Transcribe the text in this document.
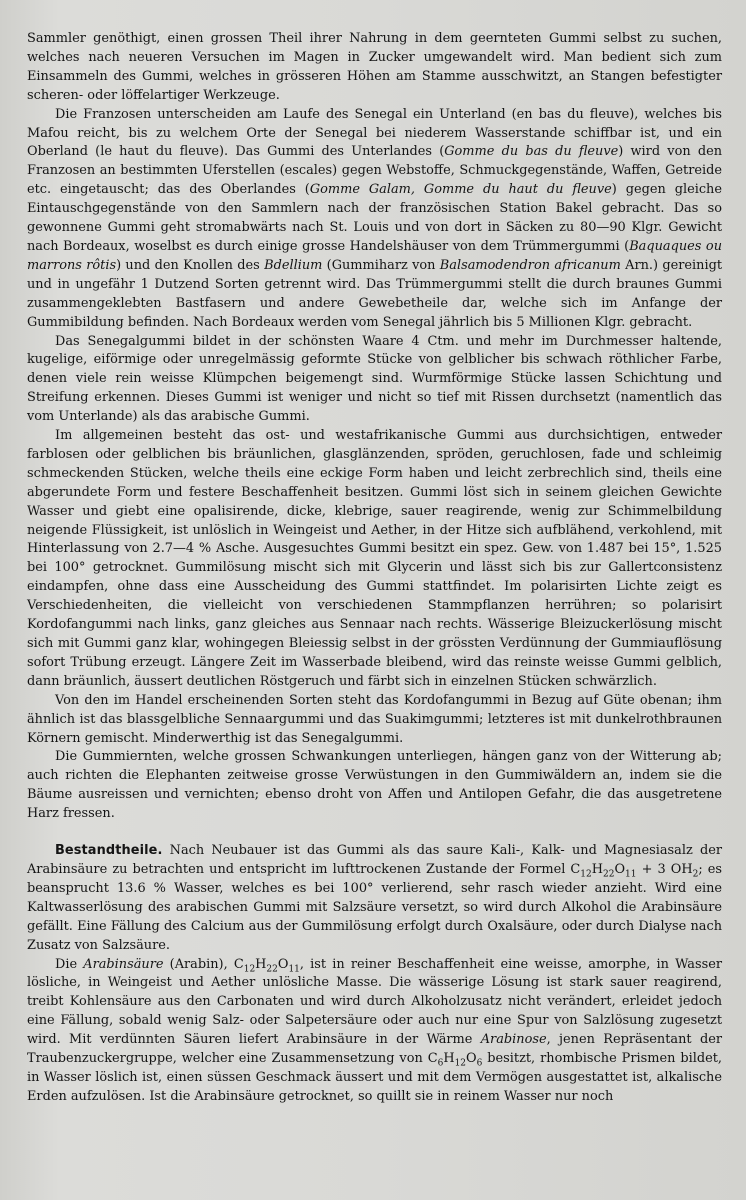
Sammler genöthigt, einen grossen Theil ihrer Nahrung in dem geernteten Gummi selbst zu suchen, welches nach neueren Versuchen im Magen in Zucker umgewandelt wird. Man bedient sich zum Einsammeln des Gummi, welches in grösseren Höhen am Stamme ausschwitzt, an Stangen befestigter scheren- oder löffelartiger Werkzeuge.

Die Franzosen unterscheiden am Laufe des Senegal ein Unterland (en bas du fleuve), welches bis Mafou reicht, bis zu welchem Orte der Senegal bei niederem Wasserstande schiffbar ist, und ein Oberland (le haut du fleuve). Das Gummi des Unterlandes (Gomme du bas du fleuve) wird von den Franzosen an bestimmten Uferstellen (escales) gegen Webstoffe, Schmuckgegenstände, Waffen, Getreide etc. eingetauscht; das des Oberlandes (Gomme Galam, Gomme du haut du fleuve) gegen gleiche Eintauschgegenstände von den Sammlern nach der französischen Station Bakel gebracht. Das so gewonnene Gummi geht stromabwärts nach St. Louis und von dort in Säcken zu 80—90 Klgr. Gewicht nach Bordeaux, woselbst es durch einige grosse Handelshäuser von dem Trümmergummi (Baquaques ou marrons rôtis) und den Knollen des Bdellium (Gummiharz von Balsamodendron africanum Arn.) gereinigt und in ungefähr 1 Dutzend Sorten getrennt wird. Das Trümmergummi stellt die durch braunes Gummi zusammengeklebten Bastfasern und andere Gewebetheile dar, welche sich im Anfange der Gummibildung befinden. Nach Bordeaux werden vom Senegal jährlich bis 5 Millionen Klgr. gebracht.

Das Senegalgummi bildet in der schönsten Waare 4 Ctm. und mehr im Durchmesser haltende, kugelige, eiförmige oder unregelmässig geformte Stücke von gelblicher bis schwach röthlicher Farbe, denen viele rein weisse Klümpchen beigemengt sind. Wurmförmige Stücke lassen Schichtung und Streifung erkennen. Dieses Gummi ist weniger und nicht so tief mit Rissen durchsetzt (namentlich das vom Unterlande) als das arabische Gummi.

Im allgemeinen besteht das ost- und westafrikanische Gummi aus durchsichtigen, entweder farblosen oder gelblichen bis bräunlichen, glasglänzenden, spröden, geruchlosen, fade und schleimig schmeckenden Stücken, welche theils eine eckige Form haben und leicht zerbrechlich sind, theils eine abgerundete Form und festere Beschaffenheit besitzen. Gummi löst sich in seinem gleichen Gewichte Wasser und giebt eine opalisirende, dicke, klebrige, sauer reagirende, wenig zur Schimmelbildung neigende Flüssigkeit, ist unlöslich in Weingeist und Aether, in der Hitze sich aufblähend, verkohlend, mit Hinterlassung von 2.7—4 % Asche. Ausgesuchtes Gummi besitzt ein spez. Gew. von 1.487 bei 15°, 1.525 bei 100° getrocknet. Gummilösung mischt sich mit Glycerin und lässt sich bis zur Gallertconsistenz eindampfen, ohne dass eine Ausscheidung des Gummi stattfindet. Im polarisirten Lichte zeigt es Verschiedenheiten, die vielleicht von verschiedenen Stammpflanzen herrühren; so polarisirt Kordofangummi nach links, ganz gleiches aus Sennaar nach rechts. Wässerige Bleizuckerlösung mischt sich mit Gummi ganz klar, wohingegen Bleiessig selbst in der grössten Verdünnung der Gummiauflösung sofort Trübung erzeugt. Längere Zeit im Wasserbade bleibend, wird das reinste weisse Gummi gelblich, dann bräunlich, äussert deutlichen Röstgeruch und färbt sich in einzelnen Stücken schwärzlich.

Von den im Handel erscheinenden Sorten steht das Kordofangummi in Bezug auf Güte obenan; ihm ähnlich ist das blassgelbliche Sennaargummi und das Suakimgummi; letzteres ist mit dunkelrothbraunen Körnern gemischt. Minderwerthig ist das Senegalgummi.

Die Gummiernten, welche grossen Schwankungen unterliegen, hängen ganz von der Witterung ab; auch richten die Elephanten zeitweise grosse Verwüstungen in den Gummiwäldern an, indem sie die Bäume ausreissen und vernichten; ebenso droht von Affen und Antilopen Gefahr, die das ausgetretene Harz fressen.

Bestandtheile. Nach Neubauer ist das Gummi als das saure Kali-, Kalk- und Magnesiasalz der Arabinsäure zu betrachten und entspricht im lufttrockenen Zustande der Formel $C_{12}H_{22}O_{11} + 3$ $OH_2$; es beansprucht 13.6 % Wasser, welches es bei 100° verlierend, sehr rasch wieder anzieht. Wird eine Kaltwasserlösung des arabischen Gummi mit Salzsäure versetzt, so wird durch Alkohol die Arabinsäure gefällt. Eine Fällung des Calcium aus der Gummilösung erfolgt durch Oxalsäure, oder durch Dialyse nach Zusatz von Salzsäure.

Die Arabinsäure (Arabin), $C_{12}H_{22}O_{11}$, ist in reiner Beschaffenheit eine weisse, amorphe, in Wasser lösliche, in Weingeist und Aether unlösliche Masse. Die wässerige Lösung ist stark sauer reagirend, treibt Kohlensäure aus den Carbonaten und wird durch Alkoholzusatz nicht verändert, erleidet jedoch eine Fällung, sobald wenig Salz- oder Salpetersäure oder auch nur eine Spur von Salzlösung zugesetzt wird. Mit verdünnten Säuren liefert Arabinsäure in der Wärme Arabinose, jenen Repräsentant der Traubenzuckergruppe, welcher eine Zusammensetzung von $C_6H_{12}O_6$ besitzt, rhombische Prismen bildet, in Wasser löslich ist, einen süssen Geschmack äussert und mit dem Vermögen ausgestattet ist, alkalische Erden aufzulösen. Ist die Arabinsäure getrocknet, so quillt sie in reinem Wasser nur noch
